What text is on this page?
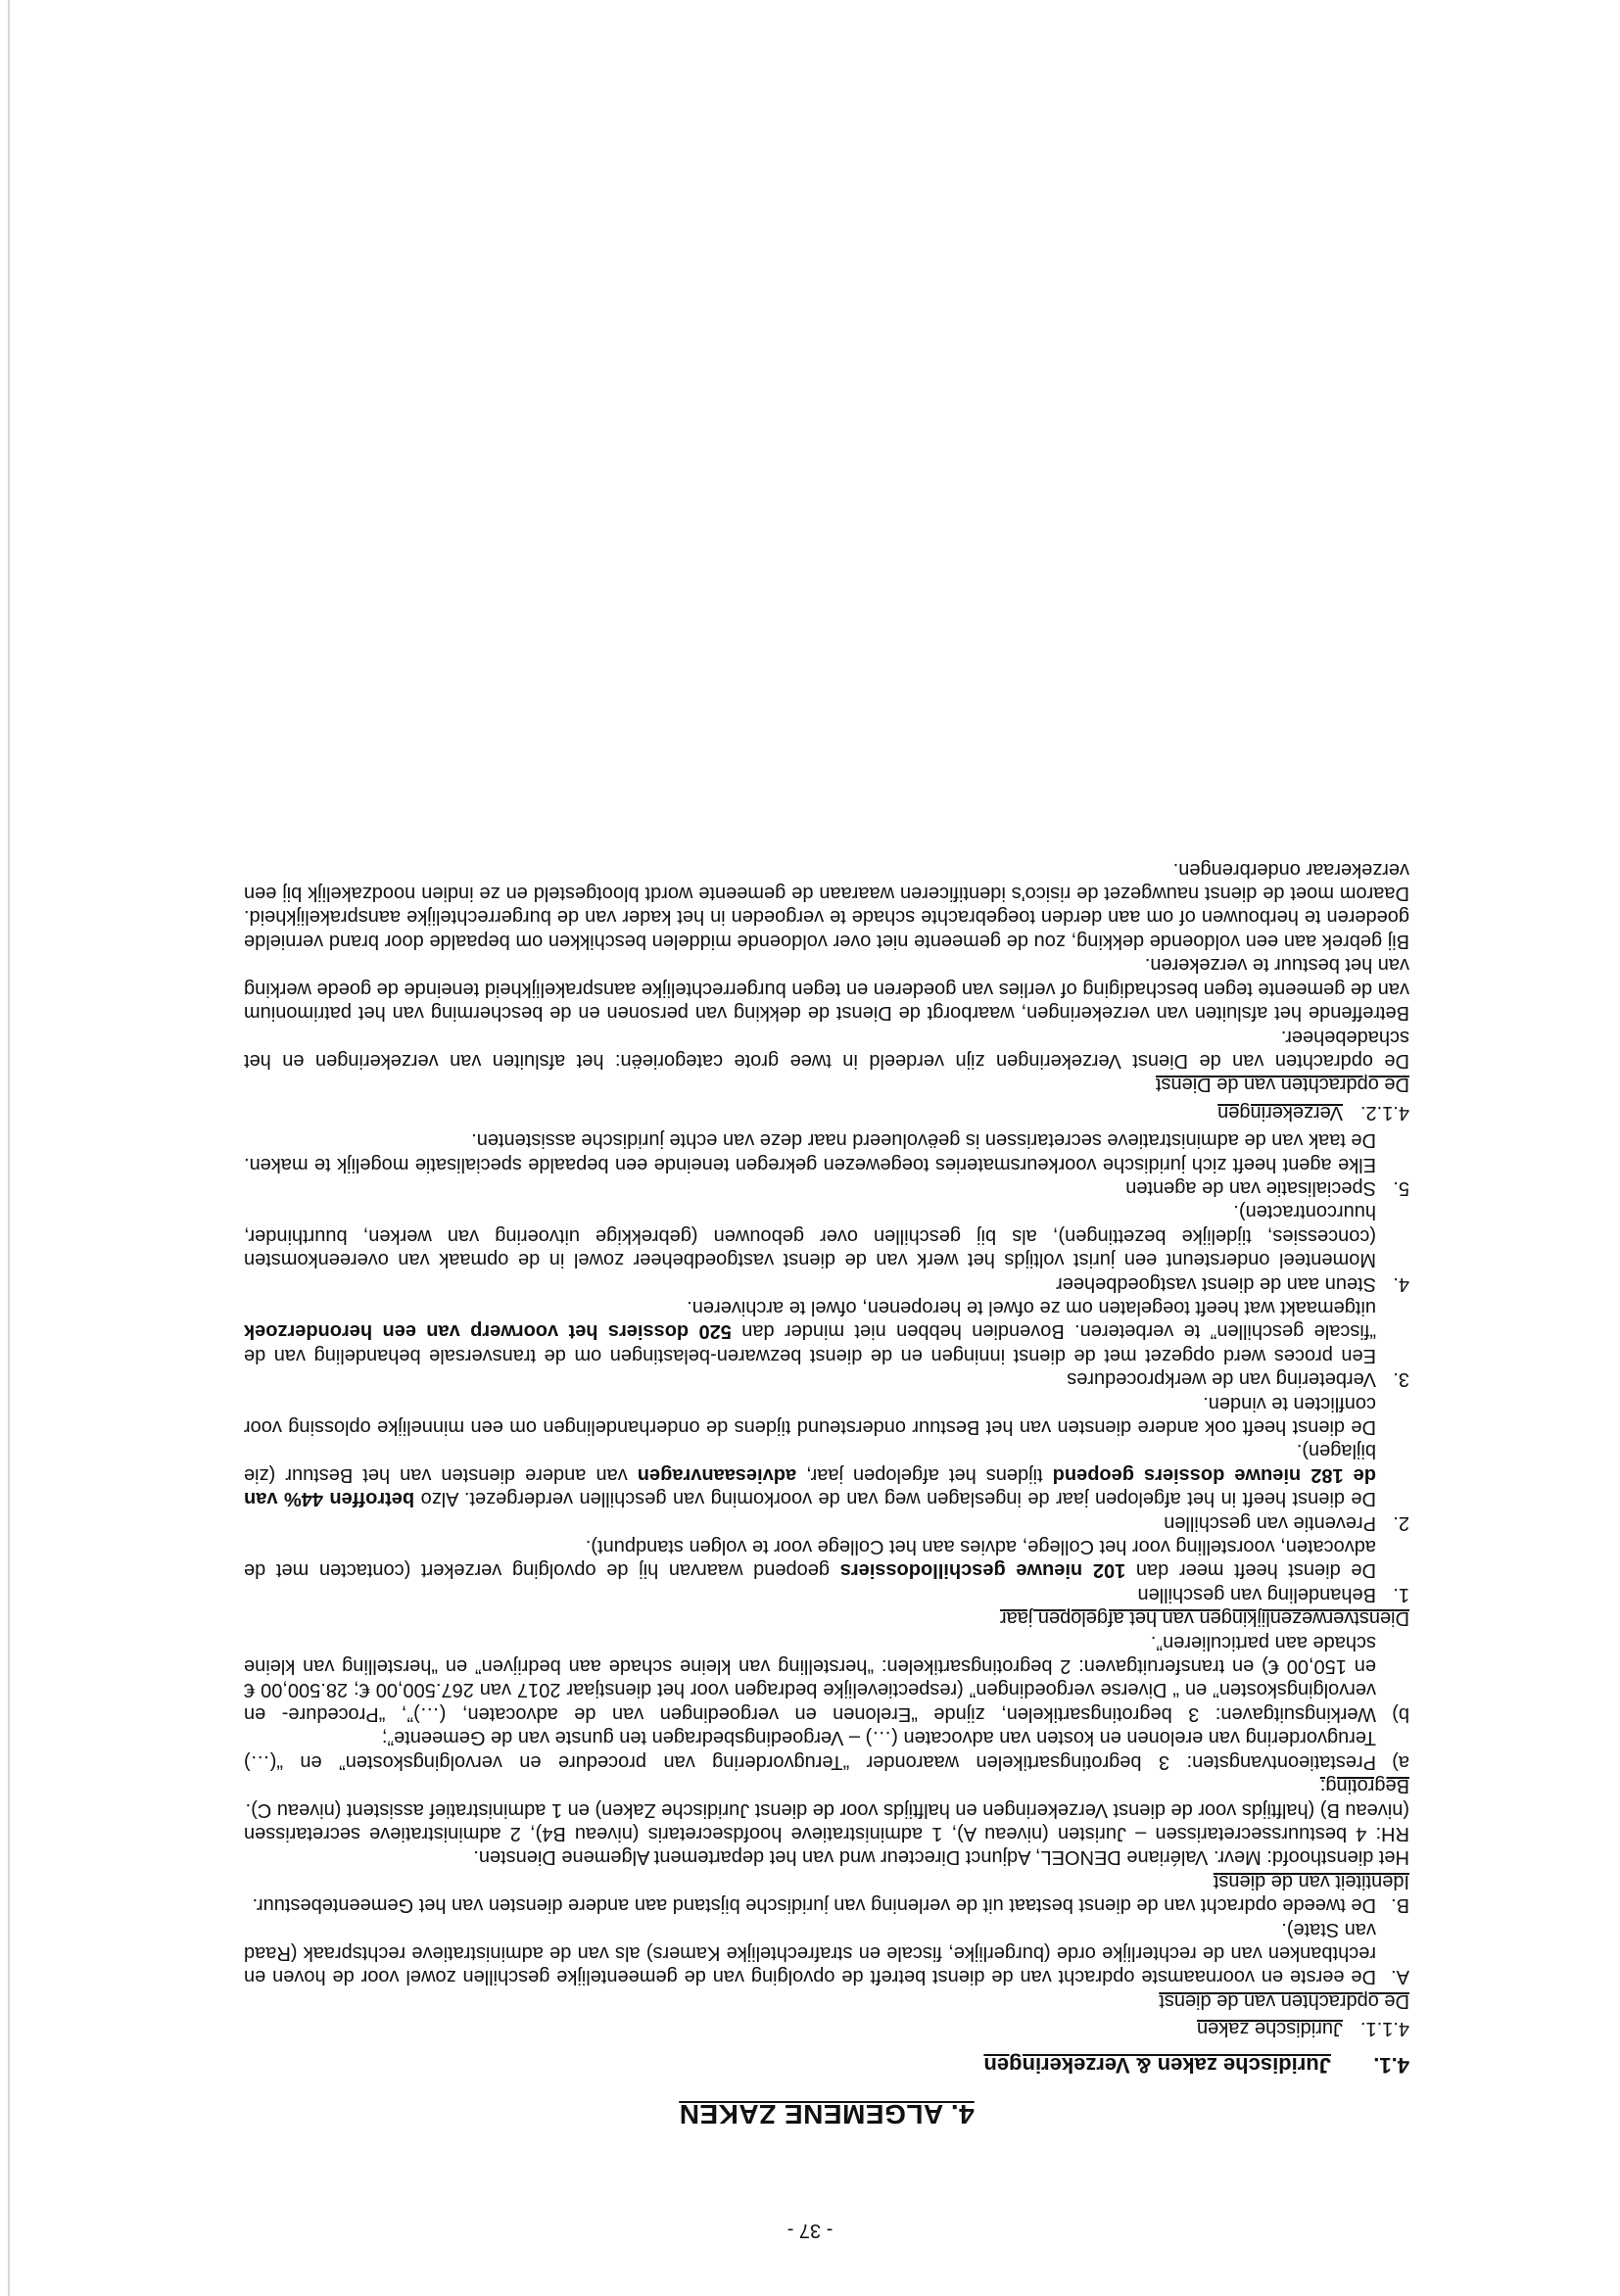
- 37 -
4. ALGEMENE ZAKEN
4.1.Juridische zaken & Verzekeringen
4.1.1.Juridische zaken
De opdrachten van de dienst
A.
De eerste en voornaamste opdracht van de dienst betreft de opvolging van de gemeentelijke geschillen zowel voor de hoven en rechtbanken van de rechterlijke orde (burgerlijke, fiscale en strafrechtelijke Kamers) als van de administratieve rechtspraak (Raad van State).
B.
De tweede opdracht van de dienst bestaat uit de verlening van juridische bijstand aan andere diensten van het Gemeentebestuur.
Identiteit van de dienst
Het diensthoofd: Mevr. Valériane DENOEL, Adjunct Directeur wnd van het departement Algemene Diensten.
RH: 4 bestuurssecretarissen – Juristen (niveau A), 1 administratieve hoofdsecretaris (niveau B4), 2 administratieve secretarissen (niveau B) (halftijds voor de dienst Verzekeringen en halftijds voor de dienst Juridische Zaken) en 1 administratief assistent (niveau C).
Begroting:
a)
Prestatieontvangsten: 3 begrotingsartikelen waaronder “Terugvordering van procedure en vervolgingskosten” en “(…) Terugvordering van erelonen en kosten van advocaten (…) – Vergoedingsbedragen ten gunste van de Gemeente”;
b)
Werkingsuitgaven: 3 begrotingsartikelen, zijnde “Erelonen en vergoedingen van de advocaten, (…)”, “Procedure- en vervolgingskosten” en “ Diverse vergoedingen” (respectievelijke bedragen voor het dienstjaar 2017 van 267.500,00 €; 28.500,00 € en 150,00 €) en transferuitgaven: 2 begrotingsartikelen: “herstelling van kleine schade aan bedrijven” en “herstelling van kleine schade aan particulieren”.
Dienstverwezenlijkingen van het afgelopen jaar
1.
Behandeling van geschillen
De dienst heeft meer dan 102 nieuwe geschillodossiers geopend waarvan hij de opvolging verzekert (contacten met de advocaten, voorstelling voor het College, advies aan het College voor te volgen standpunt).
2.
Preventie van geschillen
De dienst heeft in het afgelopen jaar de ingeslagen weg van de voorkoming van geschillen verdergezet. Alzo betroffen 44% van de 182 nieuwe dossiers geopend tijdens het afgelopen jaar, adviesaanvragen van andere diensten van het Bestuur (zie bijlagen).
De dienst heeft ook andere diensten van het Bestuur ondersteund tijdens de onderhandelingen om een minnelijke oplossing voor conflicten te vinden.
3.
Verbetering van de werkprocedures
Een proces werd opgezet met de dienst inningen en de dienst bezwaren-belastingen om de transversale behandeling van de “fiscale geschillen” te verbeteren. Bovendien hebben niet minder dan 520 dossiers het voorwerp van een heronderzoek uitgemaakt wat heeft toegelaten om ze ofwel te heropenen, ofwel te archiveren.
4.
Steun aan de dienst vastgoedbeheer
Momenteel ondersteunt een jurist voltijds het werk van de dienst vastgoedbeheer zowel in de opmaak van overeenkomsten (concessies, tijdelijke bezettingen), als bij geschillen over gebouwen (gebrekkige uitvoering van werken, buurthinder, huurcontracten).
5.
Specialisatie van de agenten
Elke agent heeft zich juridische voorkeursmateries toegewezen gekregen teneinde een bepaalde specialisatie mogelijk te maken. De taak van de administratieve secretarissen is geëvolueerd naar deze van echte juridische assistenten.
4.1.2.Verzekeringen
De opdrachten van de Dienst
De opdrachten van de Dienst Verzekeringen zijn verdeeld in twee grote categorieën: het afsluiten van verzekeringen en het schadebeheer.
Betreffende het afsluiten van verzekeringen, waarborgt de Dienst de dekking van personen en de bescherming van het patrimonium van de gemeente tegen beschadiging of verlies van goederen en tegen burgerrechtelijke aansprakelijkheid teneinde de goede werking van het bestuur te verzekeren.
Bij gebrek aan een voldoende dekking, zou de gemeente niet over voldoende middelen beschikken om bepaalde door brand vernielde goederen te herbouwen of om aan derden toegebrachte schade te vergoeden in het kader van de burgerrechtelijke aansprakelijkheid. Daarom moet de dienst nauwgezet de risico's identificeren waaraan de gemeente wordt blootgesteld en ze indien noodzakelijk bij een verzekeraar onderbrengen.
